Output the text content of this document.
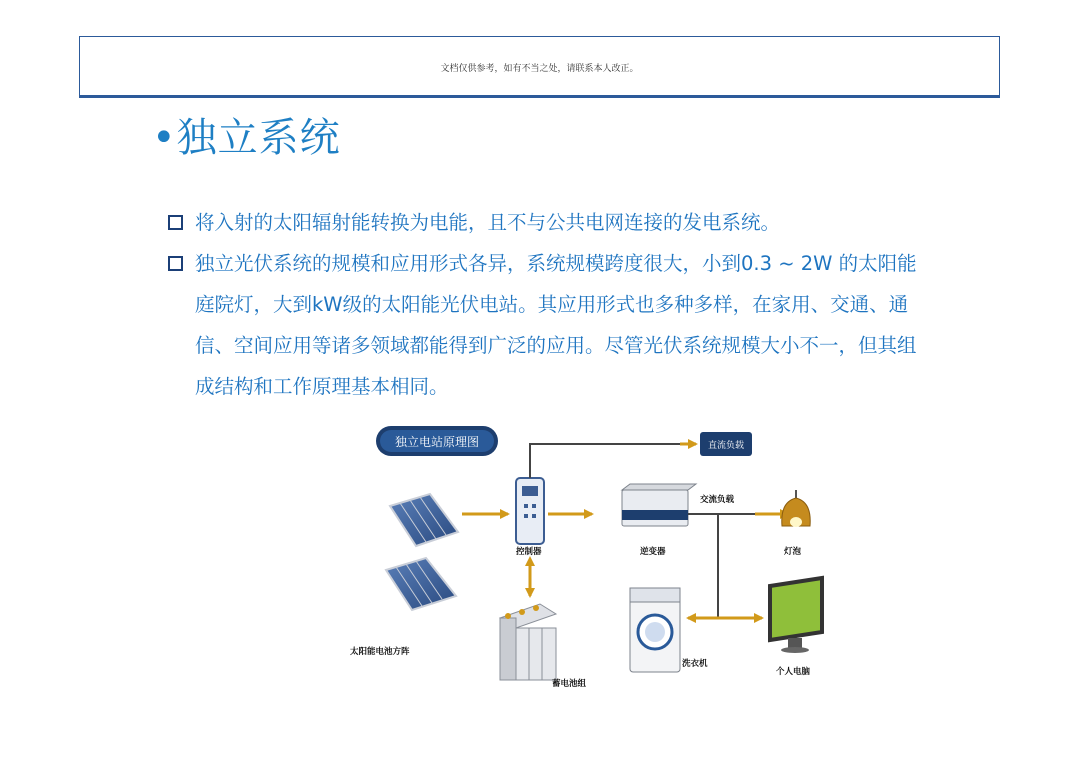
文档仅供参考，如有不当之处，请联系本人改正。
•独立系统
将入射的太阳辐射能转换为电能，且不与公共电网连接的发电系统。
独立光伏系统的规模和应用形式各异，系统规模跨度很大，小到0.3 ~ 2W 的太阳能庭院灯，大到kW级的太阳能光伏电站。其应用形式也多种多样，在家用、交通、通信、空间应用等诸多领域都能得到广泛的应用。尽管光伏系统规模大小不一，但其组成结构和工作原理基本相同。
独立电站原理图
太阳能电池方阵
控制器
直流负载
蓄电池组
逆变器
交流负载
灯泡
洗衣机
个人电脑
